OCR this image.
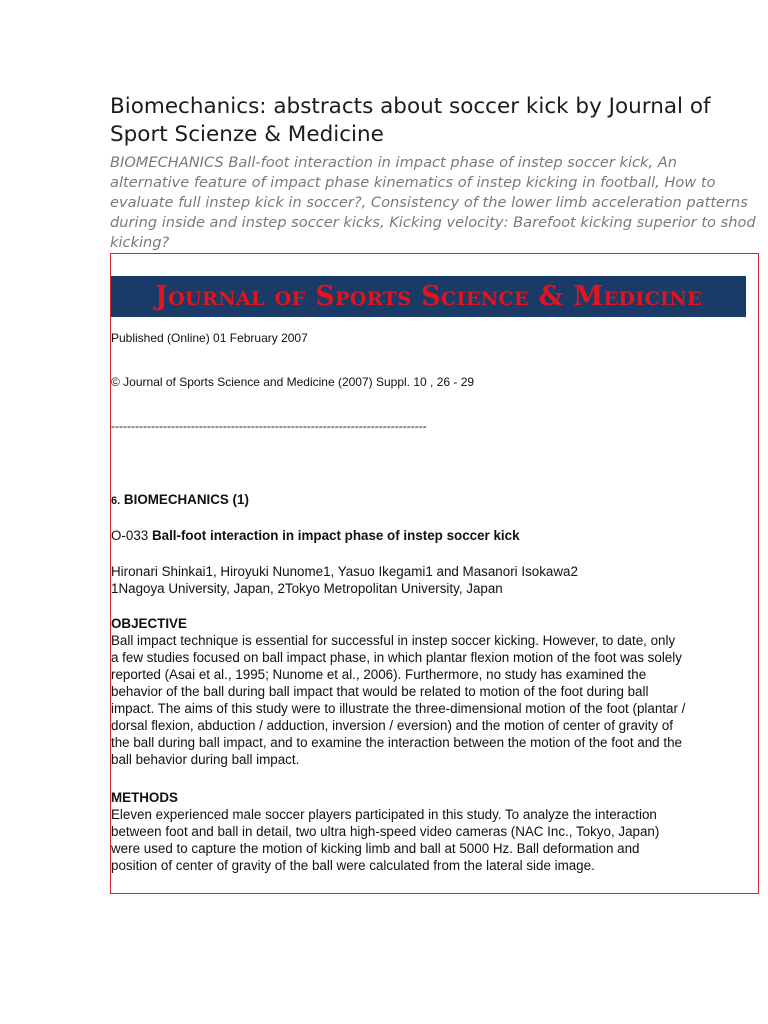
Biomechanics: abstracts about soccer kick by Journal of Sport Scienze & Medicine

BIOMECHANICS Ball-foot interaction in impact phase of instep soccer kick, An alternative feature of impact phase kinematics of instep kicking in football, How to evaluate full instep kick in soccer?, Consistency of the lower limb acceleration patterns during inside and instep soccer kicks, Kicking velocity: Barefoot kicking superior to shod kicking?

Journal of Sports Science & Medicine

Published (Online) 01 February 2007

© Journal of Sports Science and Medicine (2007) Suppl. 10 , 26 - 29

-------------------------------------------------------------------------------

6. BIOMECHANICS (1)

O-033 Ball-foot interaction in impact phase of instep soccer kick

Hironari Shinkai1, Hiroyuki Nunome1, Yasuo Ikegami1 and Masanori Isokawa2

1Nagoya University, Japan, 2Tokyo Metropolitan University, Japan

OBJECTIVE

Ball impact technique is essential for successful in instep soccer kicking. However, to date, only
a few studies focused on ball impact phase, in which plantar flexion motion of the foot was solely
reported (Asai et al., 1995; Nunome et al., 2006). Furthermore, no study has examined the
behavior of the ball during ball impact that would be related to motion of the foot during ball
impact. The aims of this study were to illustrate the three-dimensional motion of the foot (plantar /
dorsal flexion, abduction / adduction, inversion / eversion) and the motion of center of gravity of
the ball during ball impact, and to examine the interaction between the motion of the foot and the
ball behavior during ball impact.

METHODS

Eleven experienced male soccer players participated in this study. To analyze the interaction
between foot and ball in detail, two ultra high-speed video cameras (NAC Inc., Tokyo, Japan)
were used to capture the motion of kicking limb and ball at 5000 Hz. Ball deformation and
position of center of gravity of the ball were calculated from the lateral side image.
